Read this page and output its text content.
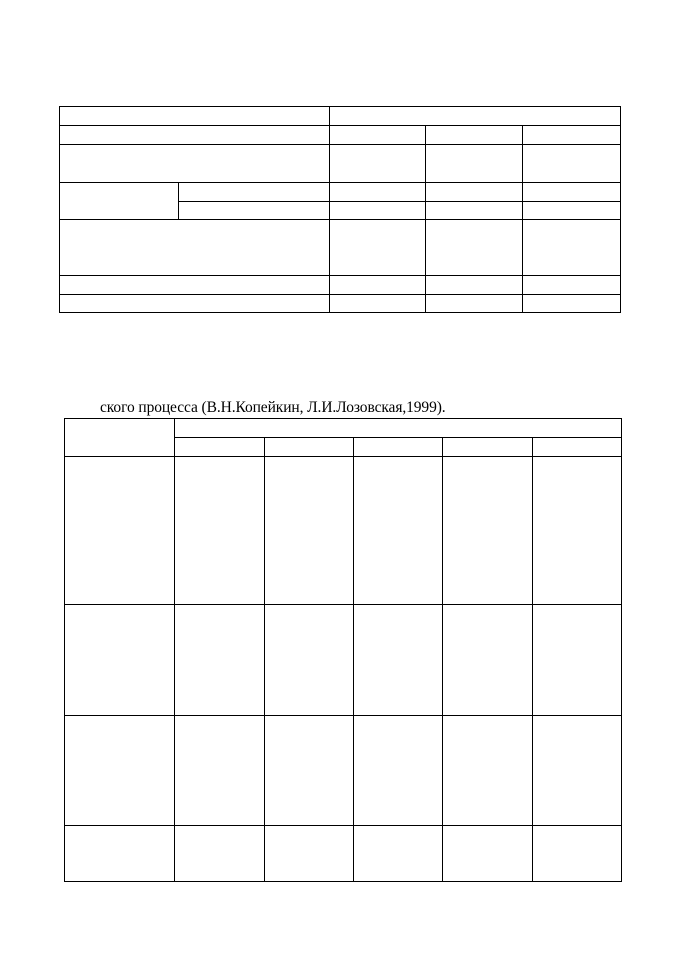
ского процесса (В.Н.Копейкин, Л.И.Лозовская,1999).
